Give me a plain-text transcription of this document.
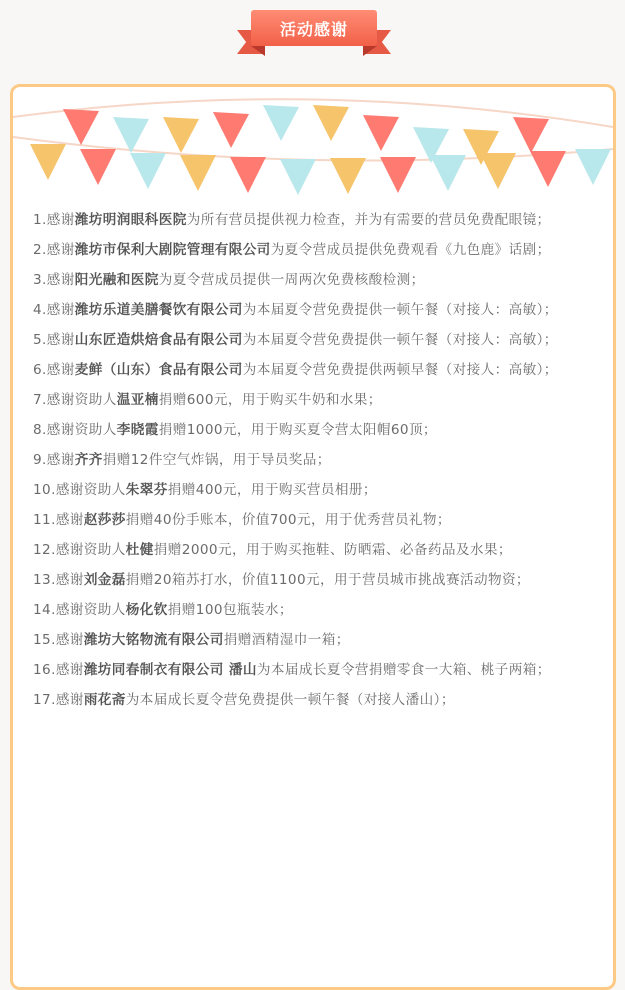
活动感谢

1.感谢潍坊明润眼科医院为所有营员提供视力检查，并为有需要的营员免费配眼镜；

2.感谢潍坊市保利大剧院管理有限公司为夏令营成员提供免费观看《九色鹿》话剧；

3.感谢阳光融和医院为夏令营成员提供一周两次免费核酸检测；

4.感谢潍坊乐道美膳餐饮有限公司为本届夏令营免费提供一顿午餐（对接人：高敏）；

5.感谢山东匠造烘焙食品有限公司为本届夏令营免费提供一顿午餐（对接人：高敏）；

6.感谢麦鲜（山东）食品有限公司为本届夏令营免费提供两顿早餐（对接人：高敏）；

7.感谢资助人温亚楠捐赠600元，用于购买牛奶和水果；

8.感谢资助人李晓霞捐赠1000元，用于购买夏令营太阳帽60顶；

9.感谢齐齐捐赠12件空气炸锅，用于导员奖品；

10.感谢资助人朱翠芬捐赠400元，用于购买营员相册；

11.感谢赵莎莎捐赠40份手账本，价值700元，用于优秀营员礼物；

12.感谢资助人杜健捐赠2000元，用于购买拖鞋、防晒霜、必备药品及水果；

13.感谢刘金磊捐赠20箱苏打水，价值1100元，用于营员城市挑战赛活动物资；

14.感谢资助人杨化钦捐赠100包瓶装水；

15.感谢潍坊大铭物流有限公司捐赠酒精湿巾一箱；

16.感谢潍坊同春制衣有限公司 潘山为本届成长夏令营捐赠零食一大箱、桃子两箱；

17.感谢雨花斋为本届成长夏令营免费提供一顿午餐（对接人潘山）；
